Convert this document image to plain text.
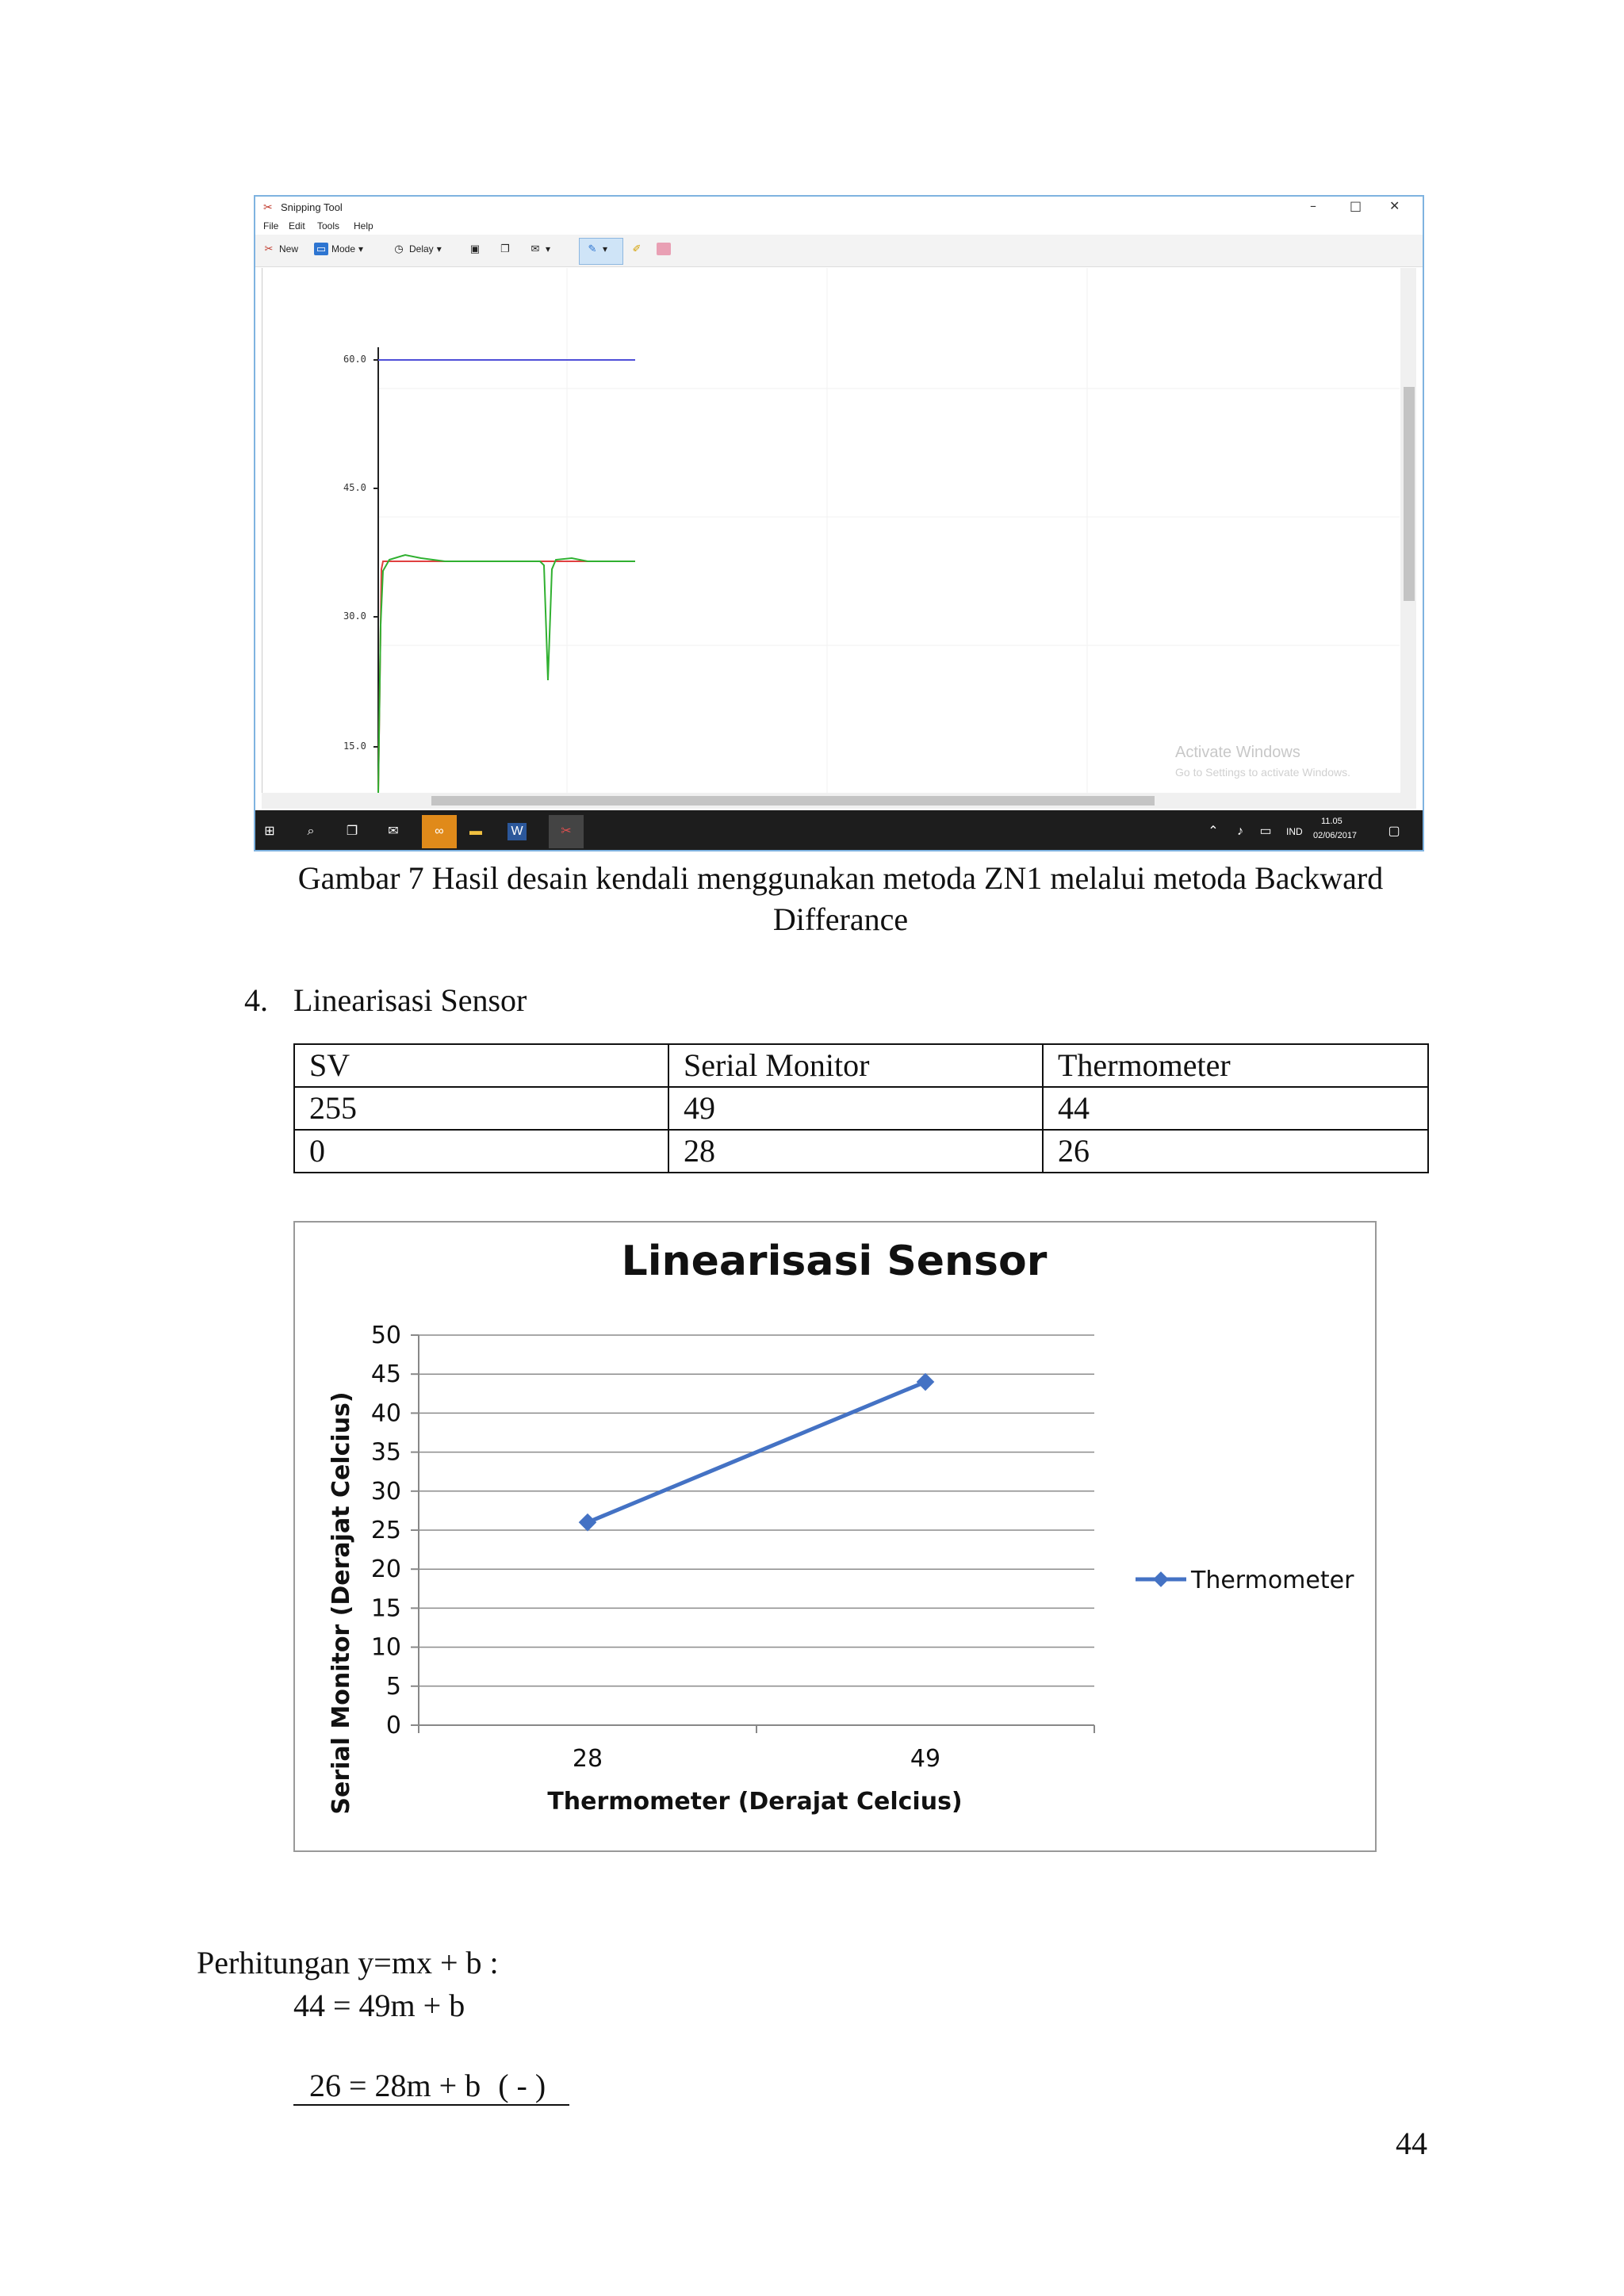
✂ Snipping Tool	–	□ ✕
File Edit Tools Help
✂ New ▭ Mode ▾	◷ Delay ▾	▣ ❐ ✉ ▾	✎ ▾ ✐
60.0
45.0
30.0
15.0	Activate Windows
Go to Settings to activate Windows.
⊞	⌕	❐	✉	∞	▬ W	✂	⌃	♪	▭	IND
11.05
02/06/2017 ▢
Gambar 7 Hasil desain kendali menggunakan metoda ZN1 melalui metoda Backward
Differance
4. Linearisasi Sensor
SV	Serial Monitor	Thermometer
255	49	44
0	28	26
0
5
10
15
20
25
30
35
40
45
50
28	49
Linearisasi Sensor
Thermometer (Derajat Celcius)
Serial Monitor (Derajat Celcius)	Thermometer
Perhitungan y=mx + b :
44 = 49m + b

26 = 28m + b ( - )

44
